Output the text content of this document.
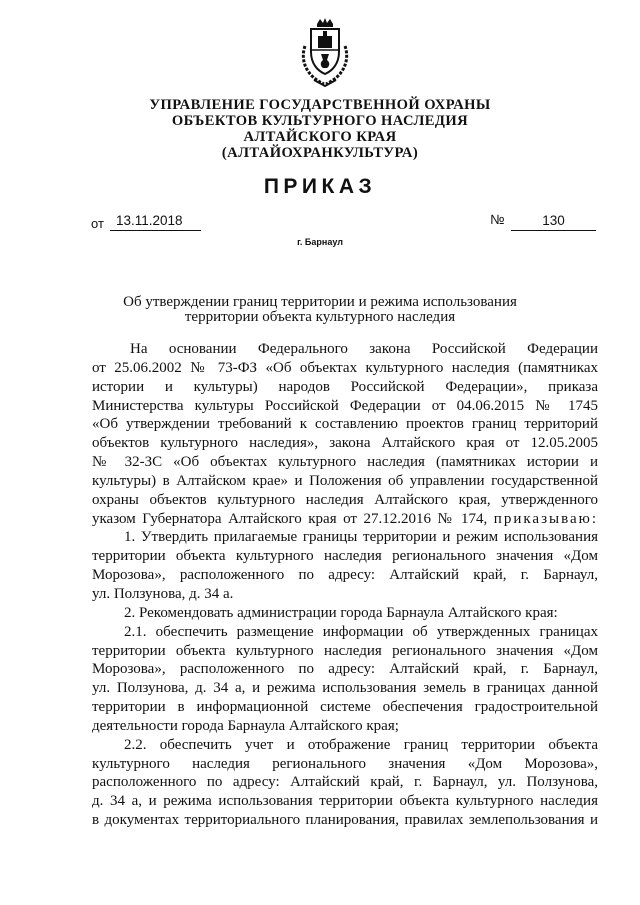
УПРАВЛЕНИЕ ГОСУДАРСТВЕННОЙ ОХРАНЫ
ОБЪЕКТОВ КУЛЬТУРНОГО НАСЛЕДИЯ
АЛТАЙСКОГО КРАЯ
(АЛТАЙОХРАНКУЛЬТУРА)
ПРИКАЗ
от 13.11.2018	№	130
г. Барнаул
Об утверждении границ территории и режима использования
территории объекта культурного наследия

На основании Федерального закона Российской Федерации
от 25.06.2002 № 73-ФЗ «Об объектах культурного наследия (памятниках
истории и культуры) народов Российской Федерации», приказа
Министерства культуры Российской Федерации от 04.06.2015 № 1745
«Об утверждении требований к составлению проектов границ территорий
объектов культурного наследия», закона Алтайского края от 12.05.2005
№ 32-ЗС «Об объектах культурного наследия (памятниках истории и
культуры) в Алтайском крае» и Положения об управлении государственной
охраны объектов культурного наследия Алтайского края, утвержденного
указом Губернатора Алтайского края от 27.12.2016 № 174, приказываю:

1. Утвердить прилагаемые границы территории и режим использования
территории объекта культурного наследия регионального значения «Дом
Морозова», расположенного по адресу: Алтайский край, г. Барнаул,
ул. Ползунова, д. 34 а.

2. Рекомендовать администрации города Барнаула Алтайского края:

2.1. обеспечить размещение информации об утвержденных границах
территории объекта культурного наследия регионального значения «Дом
Морозова», расположенного по адресу: Алтайский край, г. Барнаул,
ул. Ползунова, д. 34 а, и режима использования земель в границах данной
территории в информационной системе обеспечения градостроительной
деятельности города Барнаула Алтайского края;

2.2. обеспечить учет и отображение границ территории объекта
культурного наследия регионального значения «Дом Морозова»,
расположенного по адресу: Алтайский край, г. Барнаул, ул. Ползунова,
д. 34 а, и режима использования территории объекта культурного наследия
в документах территориального планирования, правилах землепользования и
